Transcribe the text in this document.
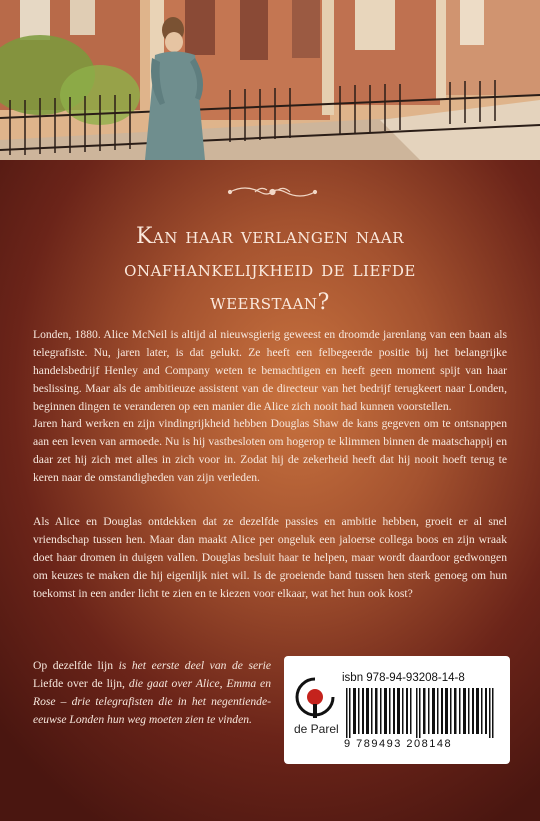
Kan haar verlangen naar
onafhankelijkheid de liefde
weerstaan?
Londen, 1880. Alice McNeil is altijd al nieuwsgierig geweest en droomde jarenlang van een baan als telegrafiste. Nu, jaren later, is dat gelukt. Ze heeft een felbegeerde positie bij het belangrijke handelsbedrijf Henley and Company weten te bemachtigen en heeft geen moment spijt van haar beslissing. Maar als de ambitieuze assistent van de directeur van het bedrijf terugkeert naar Londen, beginnen dingen te veranderen op een manier die Alice zich nooit had kunnen voorstellen.
Jaren hard werken en zijn vindingrijkheid hebben Douglas Shaw de kans gegeven om te ontsnappen aan een leven van armoede. Nu is hij vastbesloten om hogerop te klimmen binnen de maatschappij en daar zet hij zich met alles in zich voor in. Zodat hij de zekerheid heeft dat hij nooit hoeft terug te keren naar de omstandigheden van zijn verleden.
Als Alice en Douglas ontdekken dat ze dezelfde passies en ambitie hebben, groeit er al snel vriendschap tussen hen. Maar dan maakt Alice per ongeluk een jaloerse collega boos en zijn wraak doet haar dromen in duigen vallen. Douglas besluit haar te helpen, maar wordt daardoor gedwongen om keuzes te maken die hij eigenlijk niet wil. Is de groeiende band tussen hen sterk genoeg om hun toekomst in een ander licht te zien en te kiezen voor elkaar, wat het hun ook kost?
Op dezelfde lijn is het eerste deel van de serie Liefde over de lijn, die gaat over Alice, Emma en Rose – drie telegrafisten die in het negentiende-eeuwse Londen hun weg moeten zien te vinden.
de Parel
isbn 978-94-93208-14-8
9 789493 208148
